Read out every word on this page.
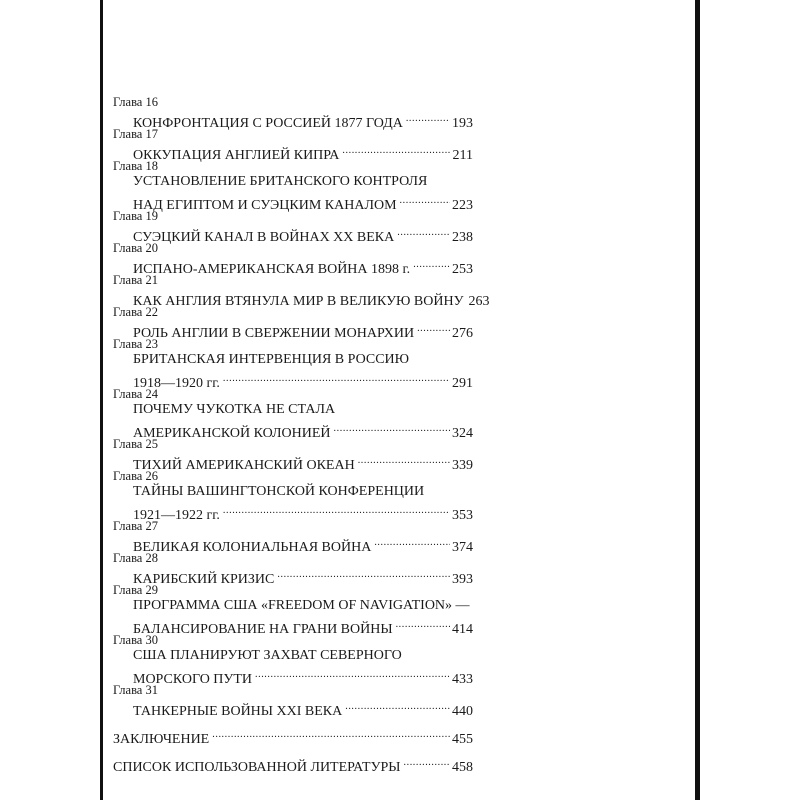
Глава 16
КОНФРОНТАЦИЯ С РОССИЕЙ 1877 ГОДА .....	193
Глава 17
ОККУПАЦИЯ АНГЛИЕЙ КИПРА .....	211
Глава 18
УСТАНОВЛЕНИЕ БРИТАНСКОГО КОНТРОЛЯ
НАД ЕГИПТОМ И СУЭЦКИМ КАНАЛОМ .....	223
Глава 19
СУЭЦКИЙ КАНАЛ В ВОЙНАХ XX ВЕКА .....	238
Глава 20
ИСПАНО-АМЕРИКАНСКАЯ ВОЙНА 1898 г. .....	253
Глава 21
КАК АНГЛИЯ ВТЯНУЛА МИР В ВЕЛИКУЮ ВОЙНУ 263
Глава 22
РОЛЬ АНГЛИИ В СВЕРЖЕНИИ МОНАРХИИ .....	276
Глава 23
БРИТАНСКАЯ ИНТЕРВЕНЦИЯ В РОССИЮ
1918—1920 гг. .....	291
Глава 24
ПОЧЕМУ ЧУКОТКА НЕ СТАЛА
АМЕРИКАНСКОЙ КОЛОНИЕЙ .....	324
Глава 25
ТИХИЙ АМЕРИКАНСКИЙ ОКЕАН .....	339
Глава 26
ТАЙНЫ ВАШИНГТОНСКОЙ КОНФЕРЕНЦИИ
1921—1922 гг. .....	353
Глава 27
ВЕЛИКАЯ КОЛОНИАЛЬНАЯ ВОЙНА .....	374
Глава 28
КАРИБСКИЙ КРИЗИС .....	393
Глава 29
ПРОГРАММА США «FREEDOM OF NAVIGATION» —
БАЛАНСИРОВАНИЕ НА ГРАНИ ВОЙНЫ .....	414
Глава 30
США ПЛАНИРУЮТ ЗАХВАТ СЕВЕРНОГО
МОРСКОГО ПУТИ .....	433
Глава 31
ТАНКЕРНЫЕ ВОЙНЫ XXI ВЕКА .....	440
ЗАКЛЮЧЕНИЕ .....	455
СПИСОК ИСПОЛЬЗОВАННОЙ ЛИТЕРАТУРЫ .....	458
